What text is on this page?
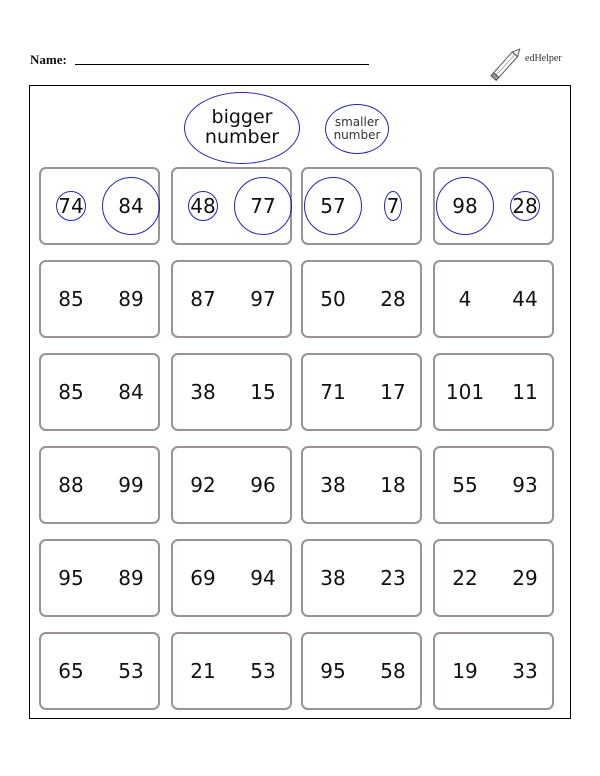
Name:	edHelper
bigger number
smaller number
74	84	48	77	57	7	98	28
85	89	87	97	50	28	4	44
85	84	38	15	71	17	101	11
88	99	92	96	38	18	55	93
95	89	69	94	38	23	22	29
65	53	21	53	95	58	19	33
